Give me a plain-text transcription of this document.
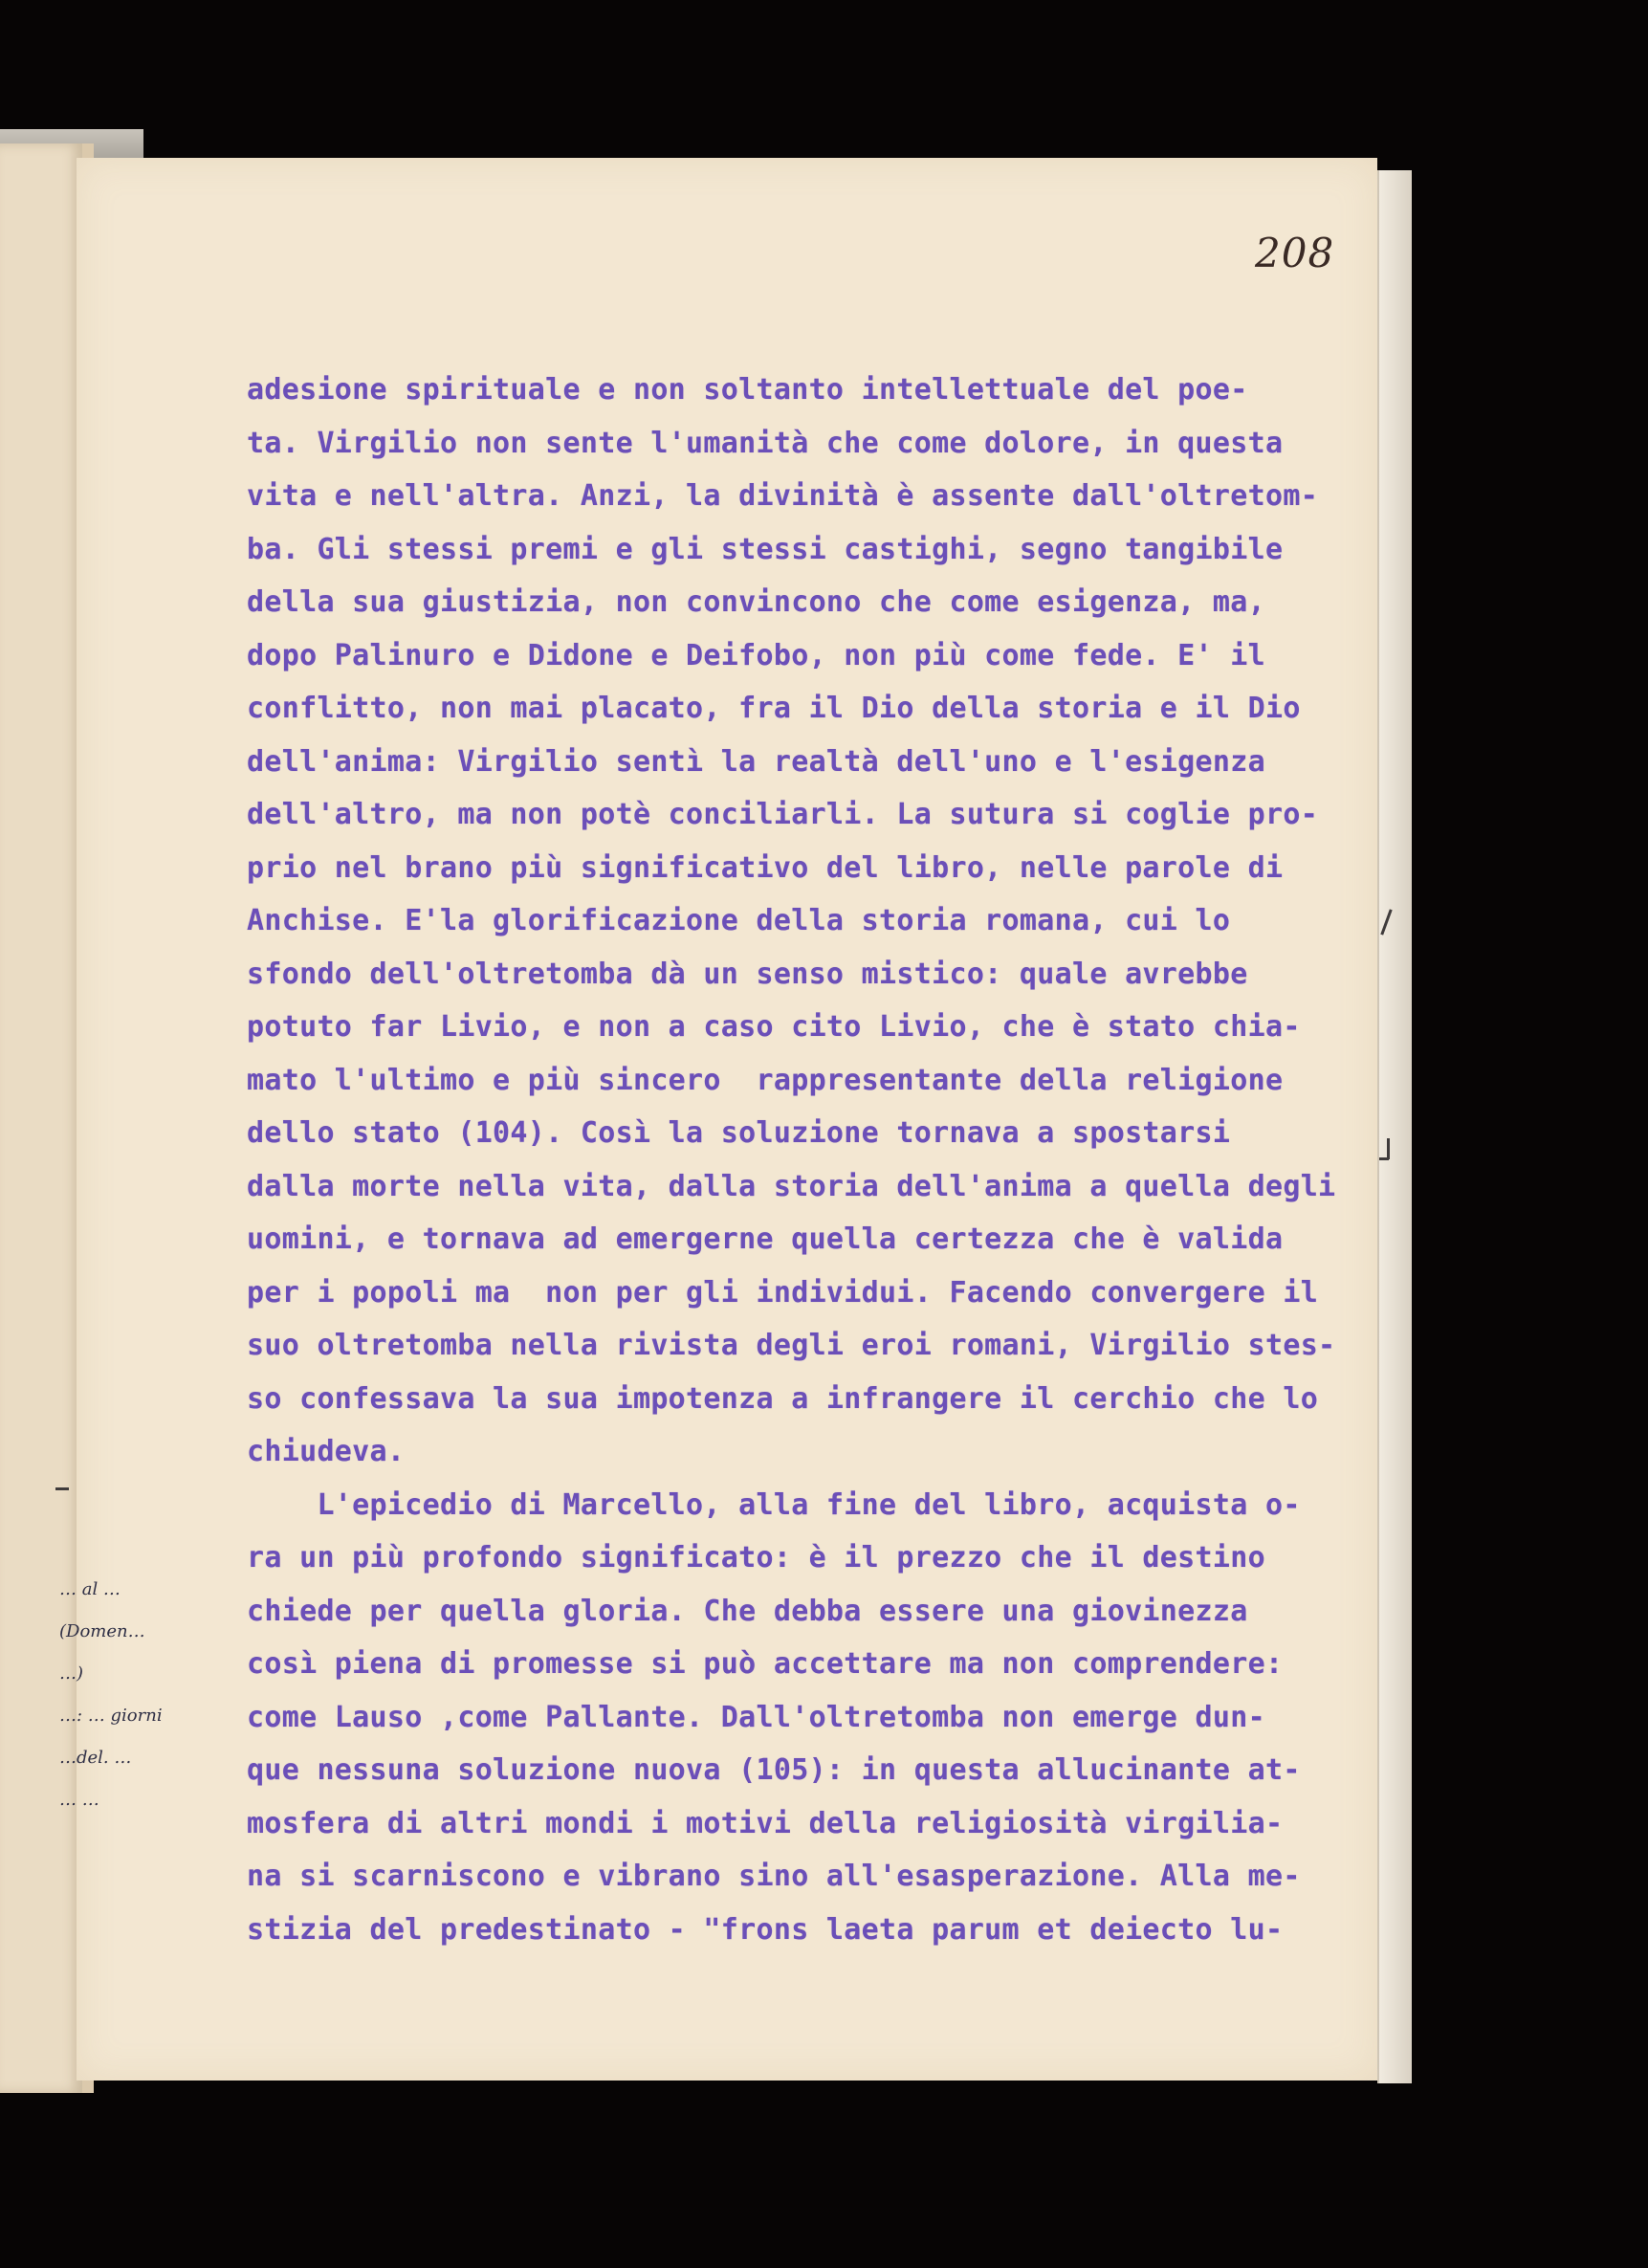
208
adesione spirituale e non soltanto intellettuale del poe-
ta. Virgilio non sente l'umanità che come dolore, in questa
vita e nell'altra. Anzi, la divinità è assente dall'oltretom-
ba. Gli stessi premi e gli stessi castighi, segno tangibile
della sua giustizia, non convincono che come esigenza, ma,
dopo Palinuro e Didone e Deifobo, non più come fede. E' il
conflitto, non mai placato, fra il Dio della storia e il Dio
dell'anima: Virgilio sentì la realtà dell'uno e l'esigenza
dell'altro, ma non potè conciliarli. La sutura si coglie pro-
prio nel brano più significativo del libro, nelle parole di
Anchise. E'la glorificazione della storia romana, cui lo
sfondo dell'oltretomba dà un senso mistico: quale avrebbe
potuto far Livio, e non a caso cito Livio, che è stato chia-
mato l'ultimo e più sincero  rappresentante della religione
dello stato (104). Così la soluzione tornava a spostarsi
dalla morte nella vita, dalla storia dell'anima a quella degli
uomini, e tornava ad emergerne quella certezza che è valida
per i popoli ma  non per gli individui. Facendo convergere il
suo oltretomba nella rivista degli eroi romani, Virgilio stes-
so confessava la sua impotenza a infrangere il cerchio che lo
chiudeva.
L'epicedio di Marcello, alla fine del libro, acquista o-
ra un più profondo significato: è il prezzo che il destino
chiede per quella gloria. Che debba essere una giovinezza
così piena di promesse si può accettare ma non comprendere:
come Lauso ,come Pallante. Dall'oltretomba non emerge dun-
que nessuna soluzione nuova (105): in questa allucinante at-
mosfera di altri mondi i motivi della religiosità virgilia-
na si scarniscono e vibrano sino all'esasperazione. Alla me-
stizia del predestinato - "frons laeta parum et deiecto lu-
… al …
(Domen…
…)
…: … giorni
…del. …
… …
